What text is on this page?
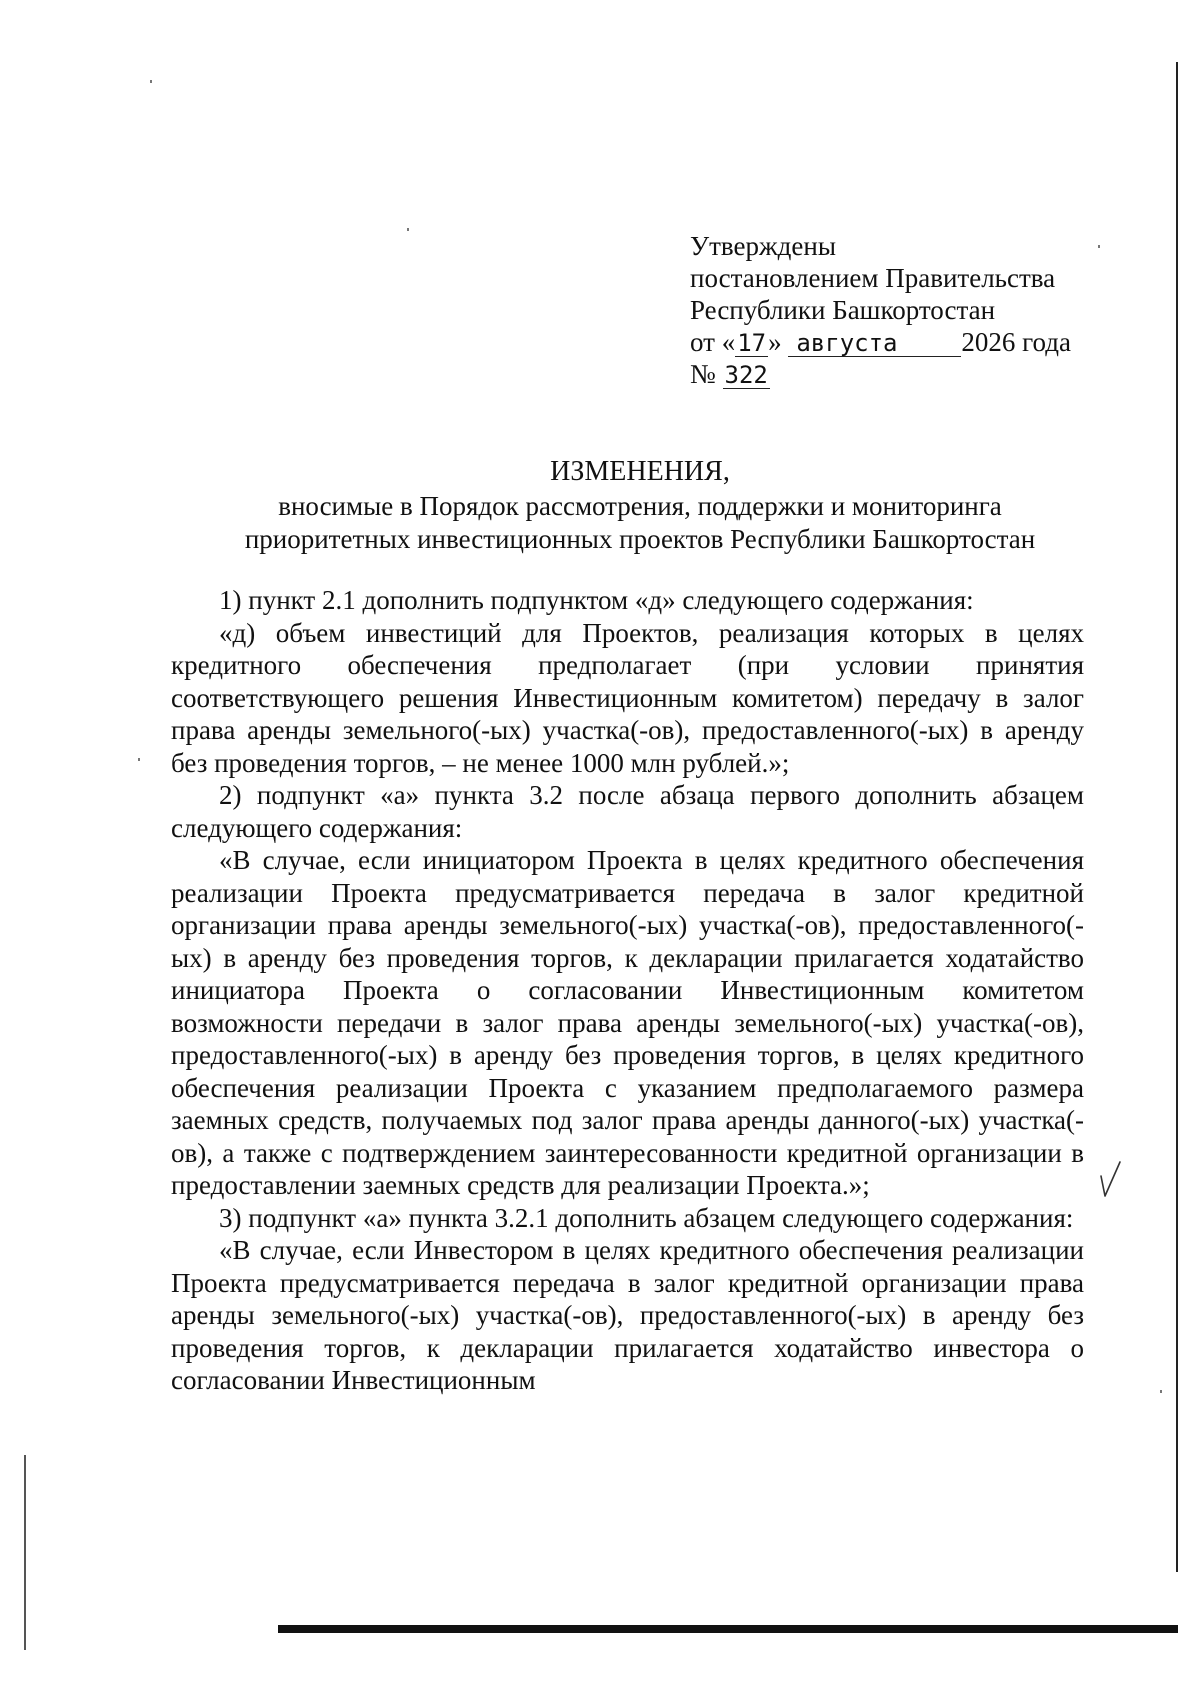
Утверждены
постановлением Правительства
Республики Башкортостан
от «17» августа 2026 года
№ 322
ИЗМЕНЕНИЯ,
вносимые в Порядок рассмотрения, поддержки и мониторинга
приоритетных инвестиционных проектов Республики Башкортостан

1) пункт 2.1 дополнить подпунктом «д» следующего содержания:

«д) объем инвестиций для Проектов, реализация которых в целях кредитного обеспечения предполагает (при условии принятия соответствующего решения Инвестиционным комитетом) передачу в залог права аренды земельного(-ых) участка(-ов), предоставленного(-ых) в аренду без проведения торгов, – не менее 1000 млн рублей.»;

2) подпункт «а» пункта 3.2 после абзаца первого дополнить абзацем следующего содержания:

«В случае, если инициатором Проекта в целях кредитного обеспечения реализации Проекта предусматривается передача в залог кредитной организации права аренды земельного(-ых) участка(-ов), предоставленного(-ых) в аренду без проведения торгов, к декларации прилагается ходатайство инициатора Проекта о согласовании Инвестиционным комитетом возможности передачи в залог права аренды земельного(-ых) участка(-ов), предоставленного(-ых) в аренду без проведения торгов, в целях кредитного обеспечения реализации Проекта с указанием предполагаемого размера заемных средств, получаемых под залог права аренды данного(-ых) участка(-ов), а также с подтверждением заинтересованности кредитной организации в предоставлении заемных средств для реализации Проекта.»;

3) подпункт «а» пункта 3.2.1 дополнить абзацем следующего содержания:

«В случае, если Инвестором в целях кредитного обеспечения реализации Проекта предусматривается передача в залог кредитной организации права аренды земельного(-ых) участка(-ов), предоставленного(-ых) в аренду без проведения торгов, к декларации прилагается ходатайство инвестора о согласовании Инвестиционным
